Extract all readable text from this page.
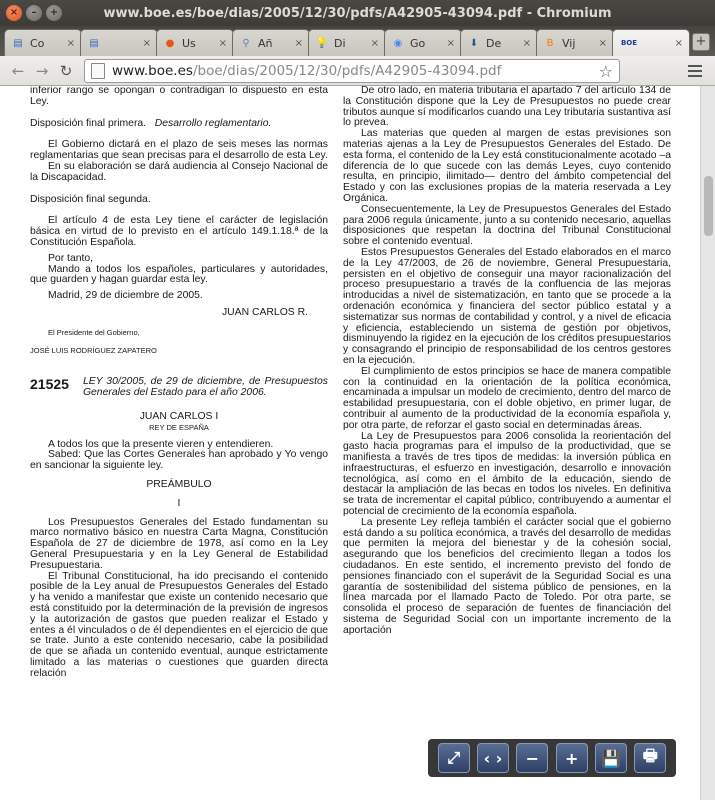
×	–	+	www.boe.es/boe/dias/2005/12/30/pdfs/A42905-43094.pdf - Chromium
▤ Co	× ▤	× ● Us	×	⚲ Añ	× 💡 Di	× ◉ Go	× ⬇ De	×	B Vij	× BOE	× +
← → ↻	www.boe.es /boe/dias/2005/12/30/pdfs/A42905-43094.pdf	☆

inferior rango se opongan o contradigan lo dispuesto en esta Ley.

Disposición final primera. Desarrollo reglamentario.

El Gobierno dictará en el plazo de seis meses las normas reglamentarias que sean precisas para el desarrollo de esta Ley.

En su elaboración se dará audiencia al Consejo Nacional de la Discapacidad.

Disposición final segunda.

El artículo 4 de esta Ley tiene el carácter de legislación básica en virtud de lo previsto en el artículo 149.1.18.ª de la Constitución Española.

Por tanto,

Mando a todos los españoles, particulares y autoridades, que guarden y hagan guardar esta ley.

Madrid, 29 de diciembre de 2005.

JUAN CARLOS R.

El Presidente del Gobierno,

JOSÉ LUIS RODRÍGUEZ ZAPATERO

21525 LEY 30/2005, de 29 de diciembre, de Presupuestos Generales del Estado para el año 2006.

JUAN CARLOS I

REY DE ESPAÑA

A todos los que la presente vieren y entendieren.

Sabed: Que las Cortes Generales han aprobado y Yo vengo en sancionar la siguiente ley.

PREÁMBULO

I

Los Presupuestos Generales del Estado fundamentan su marco normativo básico en nuestra Carta Magna, Constitución Española de 27 de diciembre de 1978, así como en la Ley General Presupuestaria y en la Ley General de Estabilidad Presupuestaria.

El Tribunal Constitucional, ha ido precisando el contenido posible de la Ley anual de Presupuestos Generales del Estado y ha venido a manifestar que existe un contenido necesario que está constituido por la determinación de la previsión de ingresos y la autorización de gastos que pueden realizar el Estado y entes a él vinculados o de él dependientes en el ejercicio de que se trate. Junto a este contenido necesario, cabe la posibilidad de que se añada un contenido eventual, aunque estrictamente limitado a las materias o cuestiones que guarden directa relación

De otro lado, en materia tributaria el apartado 7 del artículo 134 de la Constitución dispone que la Ley de Presupuestos no puede crear tributos aunque sí modificarlos cuando una Ley tributaria sustantiva así lo prevea.

Las materias que queden al margen de estas previsiones son materias ajenas a la Ley de Presupuestos Generales del Estado. De esta forma, el contenido de la Ley está constitucionalmente acotado –a diferencia de lo que sucede con las demás Leyes, cuyo contenido resulta, en principio, ilimitado— dentro del ámbito competencial del Estado y con las exclusiones propias de la materia reservada a Ley Orgánica.

Consecuentemente, la Ley de Presupuestos Generales del Estado para 2006 regula únicamente, junto a su contenido necesario, aquellas disposiciones que respetan la doctrina del Tribunal Constitucional sobre el contenido eventual.

Estos Presupuestos Generales del Estado elaborados en el marco de la Ley 47/2003, de 26 de noviembre, General Presupuestaria, persisten en el objetivo de conseguir una mayor racionalización del proceso presupuestario a través de la confluencia de las mejoras introducidas a nivel de sistematización, en tanto que se procede a la ordenación económica y financiera del sector público estatal y a sistematizar sus normas de contabilidad y control, y a nivel de eficacia y eficiencia, estableciendo un sistema de gestión por objetivos, disminuyendo la rigidez en la ejecución de los créditos presupuestarios y consagrando el principio de responsabilidad de los centros gestores en la ejecución.

El cumplimiento de estos principios se hace de manera compatible con la continuidad en la orientación de la política económica, encaminada a impulsar un modelo de crecimiento, dentro del marco de estabilidad presupuestaria, con el doble objetivo, en primer lugar, de contribuir al aumento de la productividad de la economía española y, por otra parte, de reforzar el gasto social en determinadas áreas.

La Ley de Presupuestos para 2006 consolida la reorientación del gasto hacia programas para el impulso de la productividad, que se manifiesta a través de tres tipos de medidas: la inversión pública en infraestructuras, el esfuerzo en investigación, desarrollo e innovación tecnológica, así como en el ámbito de la educación, siendo de destacar la ampliación de las becas en todos los niveles. En definitiva se trata de incrementar el capital público, contribuyendo a aumentar el potencial de crecimiento de la economía española.

La presente Ley refleja también el carácter social que el gobierno está dando a su política económica, a través del desarrollo de medidas que permiten la mejora del bienestar y de la cohesión social, asegurando que los beneficios del crecimiento llegan a todos los ciudadanos. En este sentido, el incremento previsto del fondo de pensiones financiado con el superávit de la Seguridad Social es una garantía de sostenibilidad del sistema público de pensiones, en la línea marcada por el llamado Pacto de Toledo. Por otra parte, se consolida el proceso de separación de fuentes de financiación del sistema de Seguridad Social con un importante incremento de la aportación

⤢	‹ ›	−	+	💾	🖶
